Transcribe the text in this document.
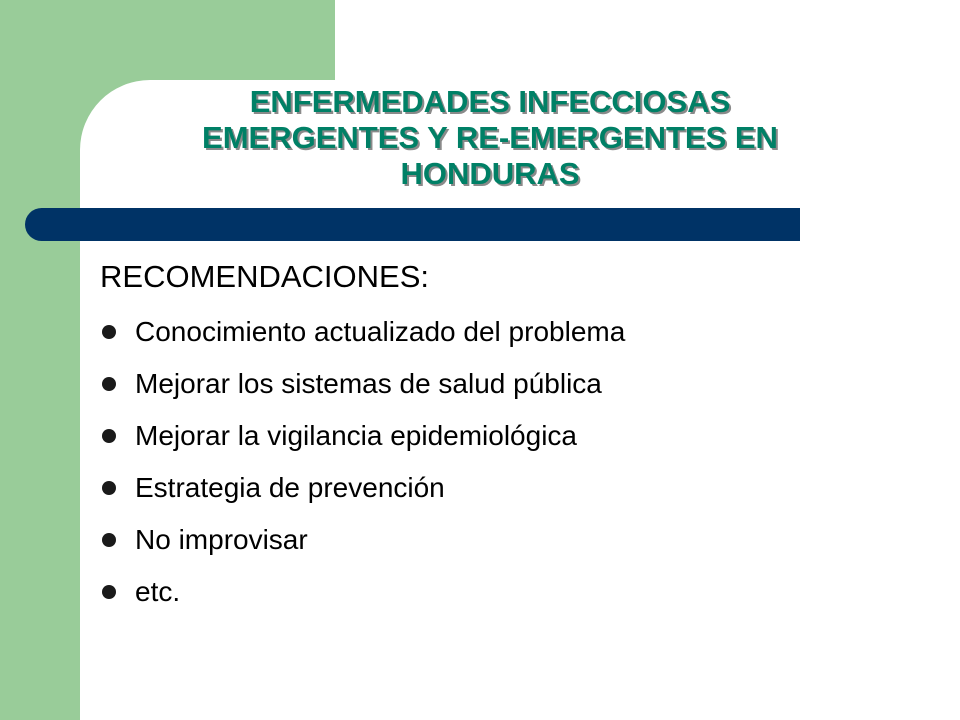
ENFERMEDADES INFECCIOSAS
EMERGENTES Y RE-EMERGENTES EN
HONDURAS
RECOMENDACIONES:
Conocimiento actualizado del problema
Mejorar los sistemas de salud pública
Mejorar la vigilancia epidemiológica
Estrategia de prevención
No improvisar
etc.
